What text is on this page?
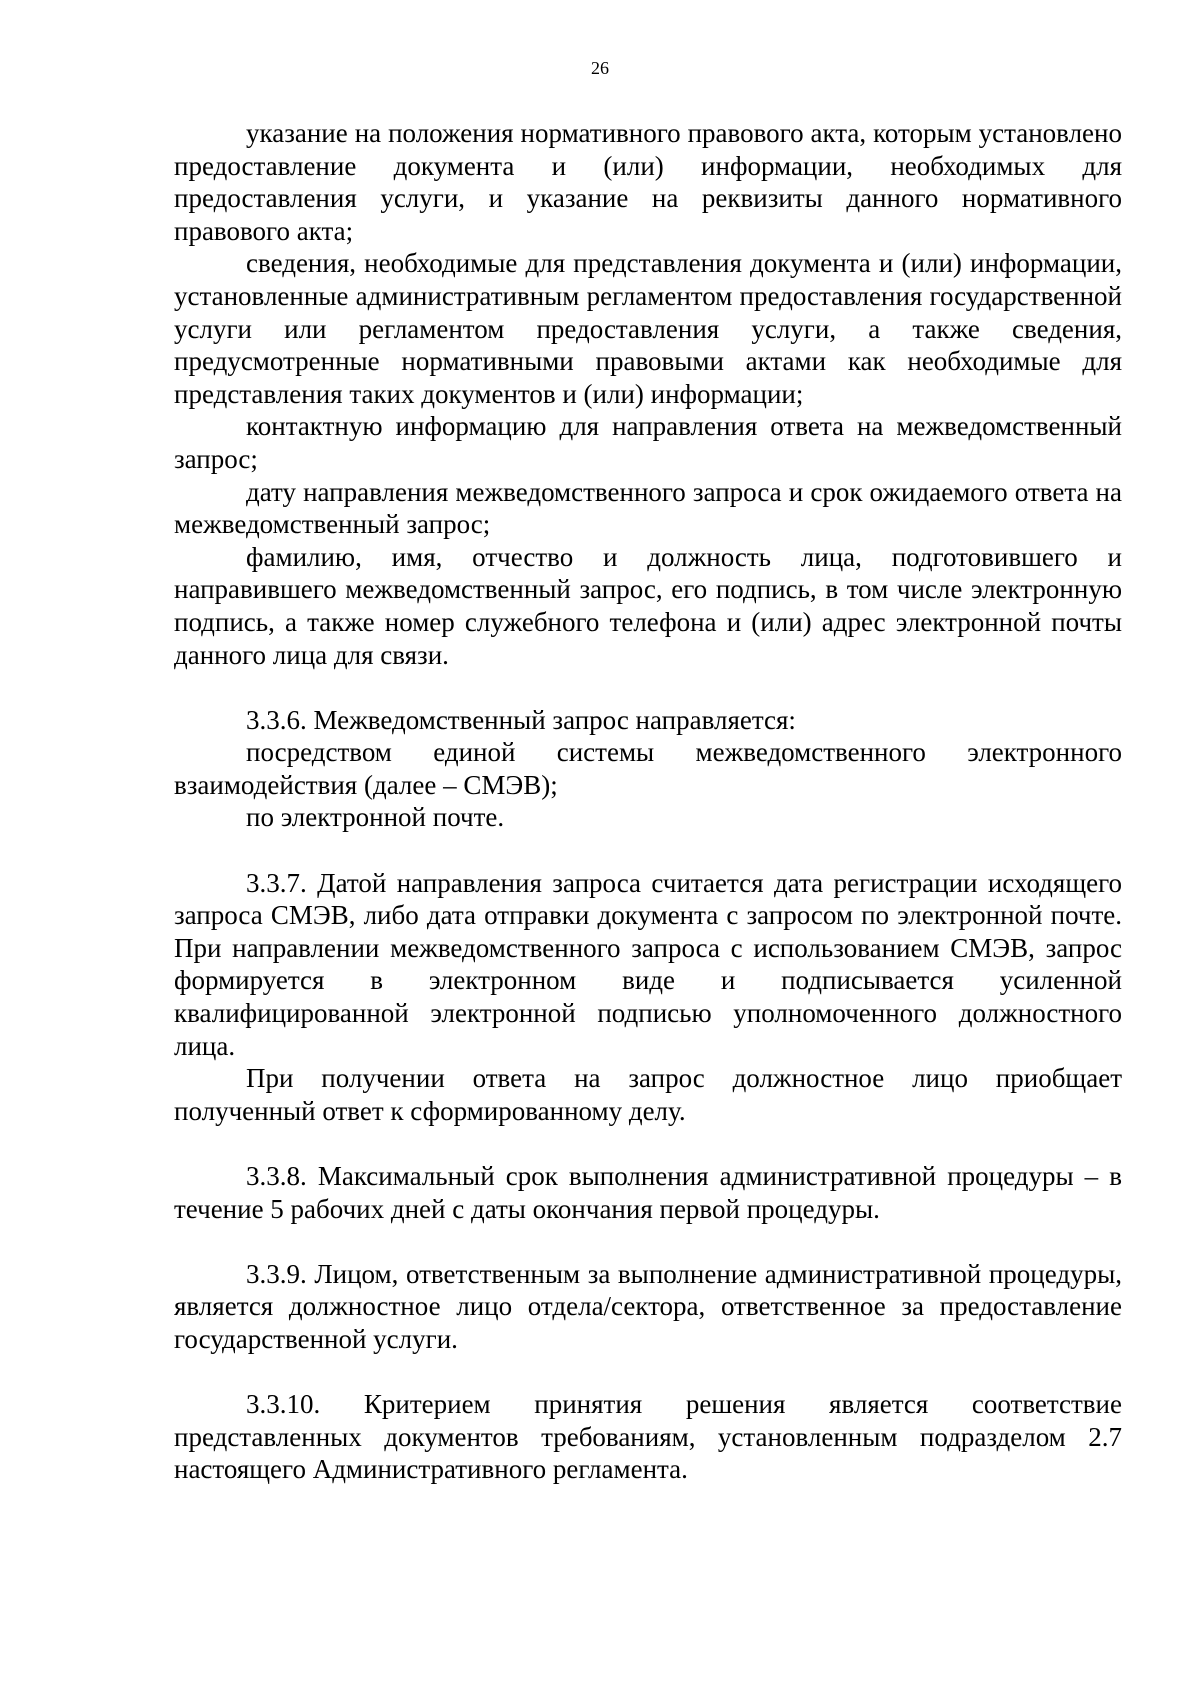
26

указание на положения нормативного правового акта, которым установлено предоставление документа и (или) информации, необходимых для предоставления услуги, и указание на реквизиты данного нормативного правового акта;

сведения, необходимые для представления документа и (или) информации, установленные административным регламентом предоставления государственной услуги или регламентом предоставления услуги, а также сведения, предусмотренные нормативными правовыми актами как необходимые для представления таких документов и (или) информации;

контактную информацию для направления ответа на межведомственный запрос;

дату направления межведомственного запроса и срок ожидаемого ответа на межведомственный запрос;

фамилию, имя, отчество и должность лица, подготовившего и направившего межведомственный запрос, его подпись, в том числе электронную подпись, а также номер служебного телефона и (или) адрес электронной почты данного лица для связи.

3.3.6. Межведомственный запрос направляется:

посредством единой системы межведомственного электронного взаимодействия (далее – СМЭВ);

по электронной почте.

3.3.7. Датой направления запроса считается дата регистрации исходящего запроса СМЭВ, либо дата отправки документа с запросом по электронной почте. При направлении межведомственного запроса с использованием СМЭВ, запрос формируется в электронном виде и подписывается усиленной квалифицированной электронной подписью уполномоченного должностного лица.

При получении ответа на запрос должностное лицо приобщает полученный ответ к сформированному делу.

3.3.8. Максимальный срок выполнения административной процедуры – в течение 5 рабочих дней с даты окончания первой процедуры.

3.3.9. Лицом, ответственным за выполнение административной процедуры, является должностное лицо отдела/сектора, ответственное за предоставление государственной услуги.

3.3.10. Критерием принятия решения является соответствие представленных документов требованиям, установленным подразделом 2.7 настоящего Административного регламента.
